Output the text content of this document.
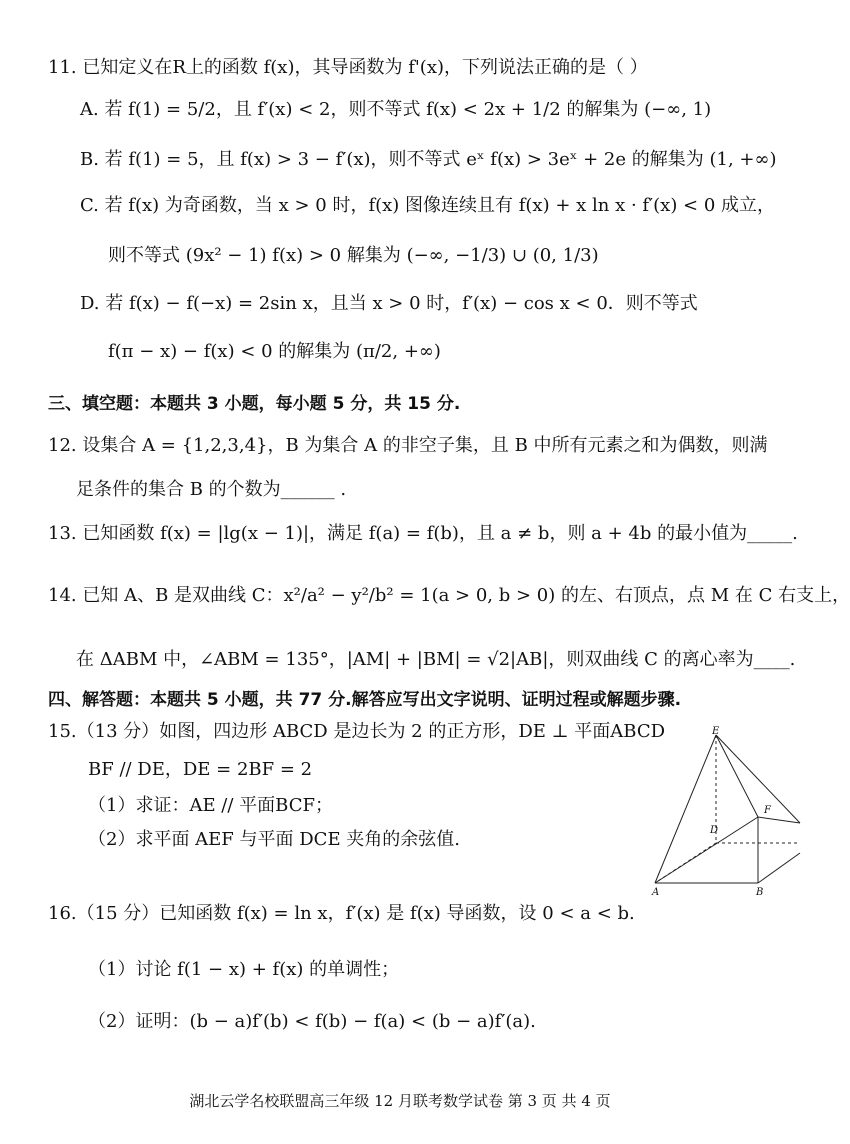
11. 已知定义在R上的函数 f(x)，其导函数为 f'(x)，下列说法正确的是（ ）
A. 若 f(1) = 5/2，且 f′(x) < 2，则不等式 f(x) < 2x + 1/2 的解集为 (−∞, 1)
B. 若 f(1) = 5，且 f(x) > 3 − f′(x)，则不等式 eˣ f(x) > 3eˣ + 2e 的解集为 (1, +∞)
C. 若 f(x) 为奇函数，当 x > 0 时，f(x) 图像连续且有 f(x) + x ln x · f′(x) < 0 成立，
则不等式 (9x² − 1) f(x) > 0 解集为 (−∞, −1/3) ∪ (0, 1/3)
D. 若 f(x) − f(−x) = 2sin x，且当 x > 0 时，f′(x) − cos x < 0．则不等式
f(π − x) − f(x) < 0 的解集为 (π/2, +∞)
三、填空题：本题共 3 小题，每小题 5 分，共 15 分.
12. 设集合 A = {1,2,3,4}，B 为集合 A 的非空子集，且 B 中所有元素之和为偶数，则满
足条件的集合 B 的个数为______ .
13. 已知函数 f(x) = |lg(x − 1)|，满足 f(a) = f(b)，且 a ≠ b，则 a + 4b 的最小值为_____.
14. 已知 A、B 是双曲线 C：x²/a² − y²/b² = 1(a > 0, b > 0) 的左、右顶点，点 M 在 C 右支上，
在 ΔABM 中，∠ABM = 135°，|AM| + |BM| = √2|AB|，则双曲线 C 的离心率为____.
四、解答题：本题共 5 小题，共 77 分.解答应写出文字说明、证明过程或解题步骤.
15.（13 分）如图，四边形 ABCD 是边长为 2 的正方形，DE ⊥ 平面ABCD
BF // DE，DE = 2BF = 2
（1）求证：AE // 平面BCF；
（2）求平面 AEF 与平面 DCE 夹角的余弦值.
E
F
D
A	B
16.（15 分）已知函数 f(x) = ln x，f′(x) 是 f(x) 导函数，设 0 < a < b.
（1）讨论 f(1 − x) + f(x) 的单调性；
（2）证明：(b − a)f′(b) < f(b) − f(a) < (b − a)f′(a).
湖北云学名校联盟高三年级 12 月联考数学试卷 第 3 页 共 4 页
